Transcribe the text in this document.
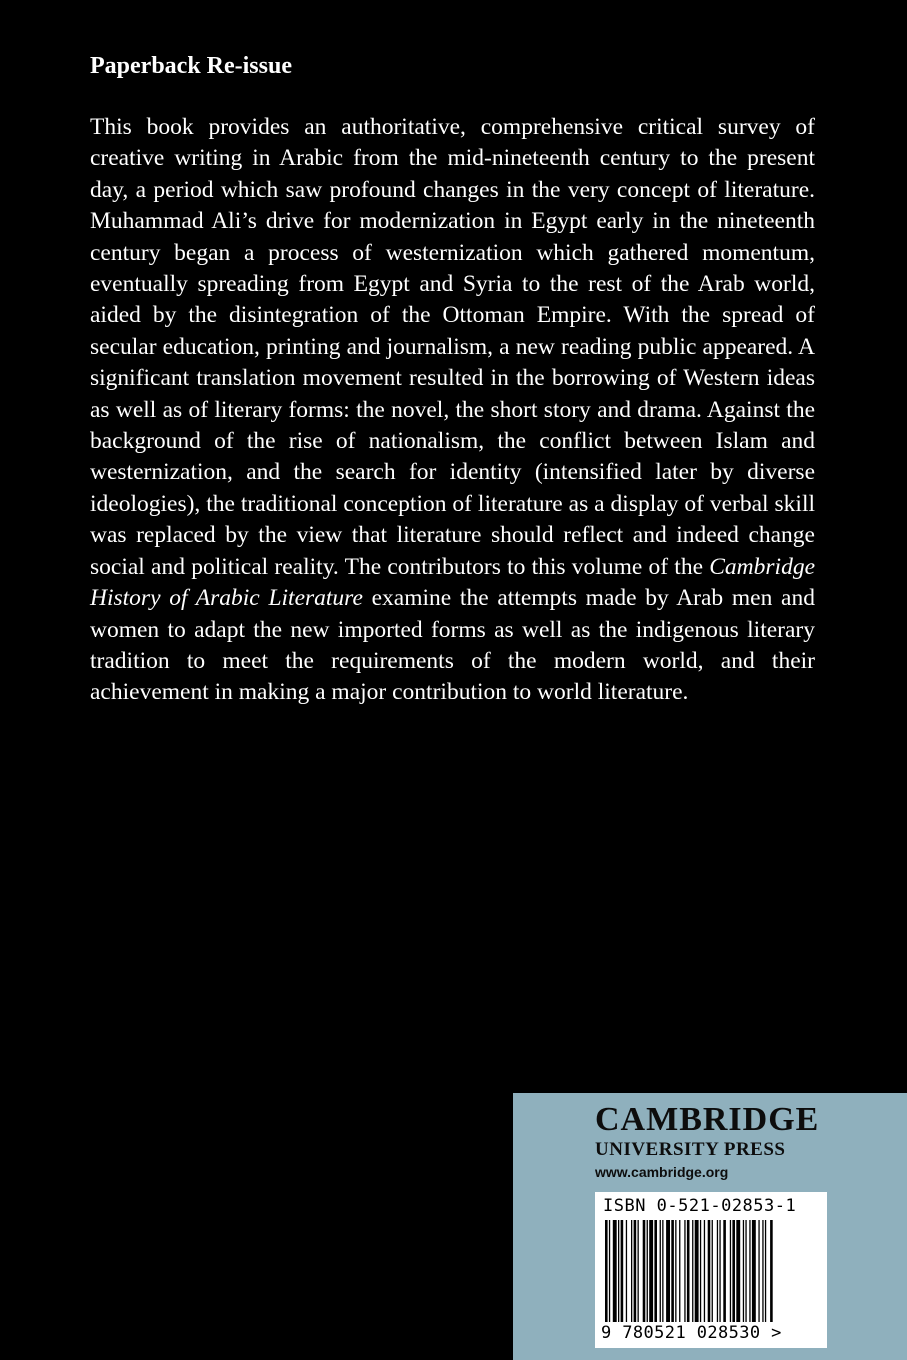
Paperback Re-issue

This book provides an authoritative, comprehensive critical survey of creative writing in Arabic from the mid-nineteenth century to the present day, a period which saw profound changes in the very concept of literature. Muhammad Ali’s drive for modernization in Egypt early in the nineteenth century began a process of westernization which gathered momentum, eventually spreading from Egypt and Syria to the rest of the Arab world, aided by the disintegration of the Ottoman Empire. With the spread of secular education, printing and journalism, a new reading public appeared. A significant translation movement resulted in the borrowing of Western ideas as well as of literary forms: the novel, the short story and drama. Against the background of the rise of nationalism, the conflict between Islam and westernization, and the search for identity (intensified later by diverse ideologies), the traditional conception of literature as a display of verbal skill was replaced by the view that literature should reflect and indeed change social and political reality. The contributors to this volume of the Cambridge History of Arabic Literature examine the attempts made by Arab men and women to adapt the new imported forms as well as the indigenous literary tradition to meet the requirements of the modern world, and their achievement in making a major contribution to world literature.

CAMBRIDGE
UNIVERSITY PRESS
www.cambridge.org
ISBN 0-521-02853-1
9 780521 028530 >
